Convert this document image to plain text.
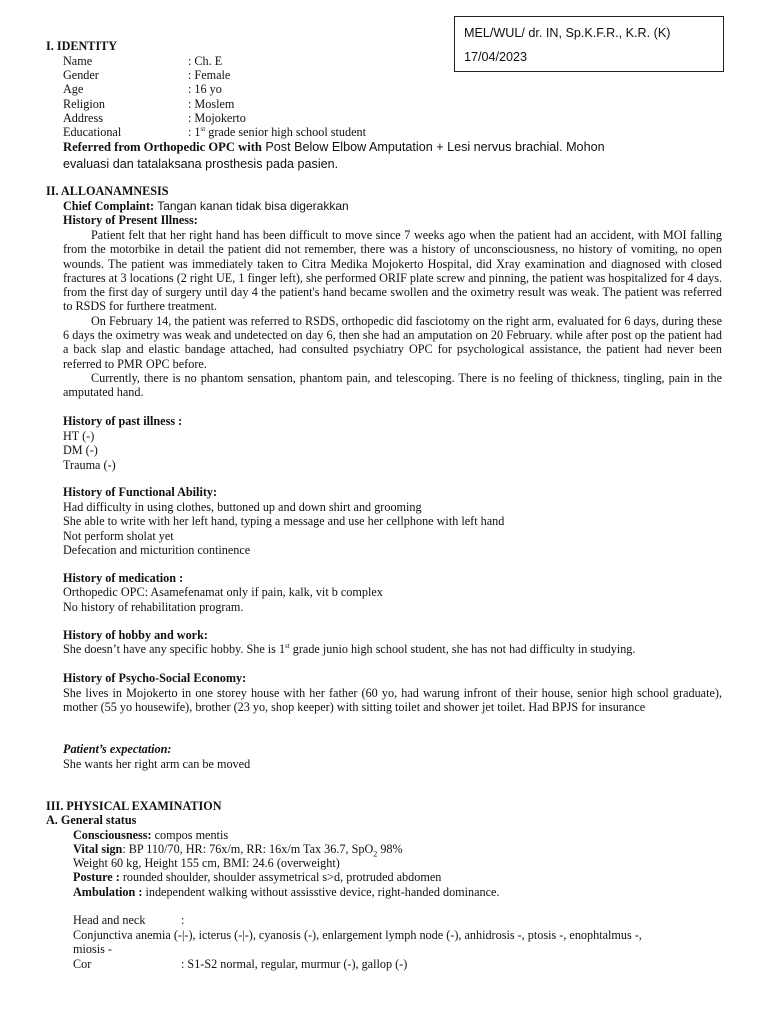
MEL/WUL/ dr. IN, Sp.K.F.R., K.R. (K)
17/04/2023
I. IDENTITY
Name	: Ch. E
Gender	: Female
Age	: 16 yo
Religion	: Moslem
Address	: Mojokerto
Educational	: 1st grade senior high school student
Referred from Orthopedic OPC with Post Below Elbow Amputation + Lesi nervus brachial. Mohon
evaluasi dan tatalaksana prosthesis pada pasien.
II. ALLOANAMNESIS
Chief Complaint: Tangan kanan tidak bisa digerakkan
History of Present Illness:

Patient felt that her right hand has been difficult to move since 7 weeks ago when the patient had an accident, with MOI falling from the motorbike in detail the patient did not remember, there was a history of unconsciousness, no history of vomiting, no open wounds. The patient was immediately taken to Citra Medika Mojokerto Hospital, did Xray examination and diagnosed with closed fractures at 3 locations (2 right UE, 1 finger left), she performed ORIF plate screw and pinning, the patient was hospitalized for 4 days. from the first day of surgery until day 4 the patient's hand became swollen and the oximetry result was weak. The patient was referred to RSDS for furthere treatment.

On February 14, the patient was referred to RSDS, orthopedic did fasciotomy on the right arm, evaluated for 6 days, during these 6 days the oximetry was weak and undetected on day 6, then she had an amputation on 20 February. while after post op the patient had a back slap and elastic bandage attached, had consulted psychiatry OPC for psychological assistance, the patient had never been referred to PMR OPC before.

Currently, there is no phantom sensation, phantom pain, and telescoping. There is no feeling of thickness, tingling, pain in the amputated hand.

History of past illness :
HT (-)
DM (-)
Trauma (-)
History of Functional Ability:
Had difficulty in using clothes, buttoned up and down shirt and grooming
She able to write with her left hand, typing a message and use her cellphone with left hand
Not perform sholat yet
Defecation and micturition continence
History of medication :
Orthopedic OPC: Asamefenamat only if pain, kalk, vit b complex
No history of rehabilitation program.
History of hobby and work:
She doesn’t have any specific hobby. She is 1st grade junio high school student, she has not had difficulty in studying.
History of Psycho-Social Economy:
She lives in Mojokerto in one storey house with her father (60 yo, had warung infront of their house, senior high school graduate), mother (55 yo housewife), brother (23 yo, shop keeper) with sitting toilet and shower jet toilet. Had BPJS for insurance
Patient’s expectation:
She wants her right arm can be moved
III. PHYSICAL EXAMINATION
A. General status
Consciousness: compos mentis
Vital sign: BP 110/70, HR: 76x/m, RR: 16x/m Tax 36.7, SpO$_2$ 98%
Weight 60 kg, Height 155 cm, BMI: 24.6 (overweight)
Posture : rounded shoulder, shoulder assymetrical s>d, protruded abdomen
Ambulation : independent walking without assisstive device, right-handed dominance.
Head and neck	:
Conjunctiva anemia (-|-), icterus (-|-), cyanosis (-), enlargement lymph node (-), anhidrosis -, ptosis -, enophtalmus -,
miosis -
Cor	: S1-S2 normal, regular, murmur (-), gallop (-)
